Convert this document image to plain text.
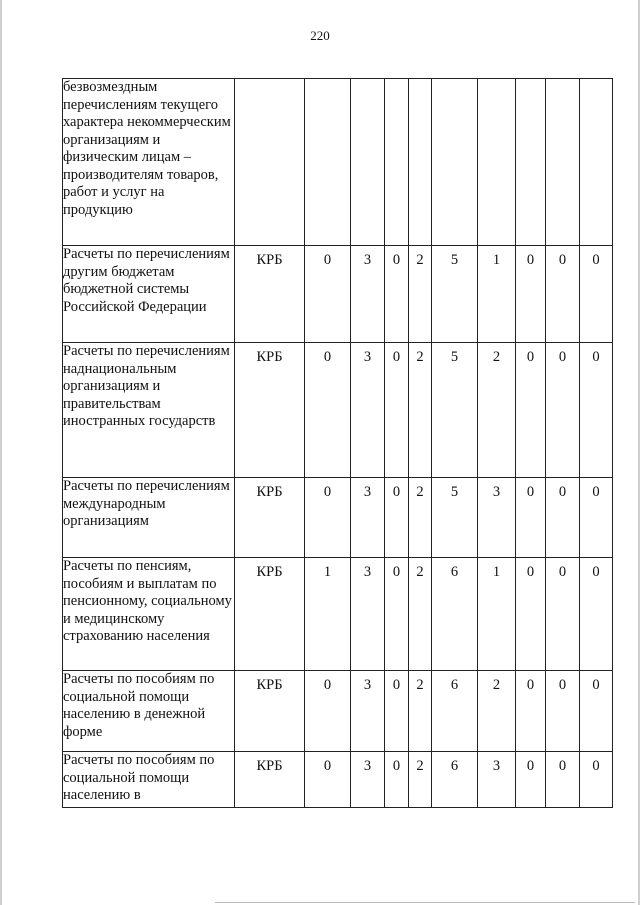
220
безвозмездным перечислениям текущего характера некоммерческим организациям и физическим лицам – производителям товаров, работ и услуг на продукцию										
Расчеты по перечислениям другим бюджетам бюджетной системы Российской Федерации	КРБ	0	3	0	2	5	1	0	0	0
Расчеты по перечислениям наднациональным организациям и правительствам иностранных государств	КРБ	0	3	0	2	5	2	0	0	0
Расчеты по перечислениям международным организациям	КРБ	0	3	0	2	5	3	0	0	0
Расчеты по пенсиям, пособиям и выплатам по пенсионному, социальному и медицинскому страхованию населения	КРБ	1	3	0	2	6	1	0	0	0
Расчеты по пособиям по социальной помощи населению в денежной форме	КРБ	0	3	0	2	6	2	0	0	0
Расчеты по пособиям по социальной помощи населению в	КРБ	0	3	0	2	6	3	0	0	0
